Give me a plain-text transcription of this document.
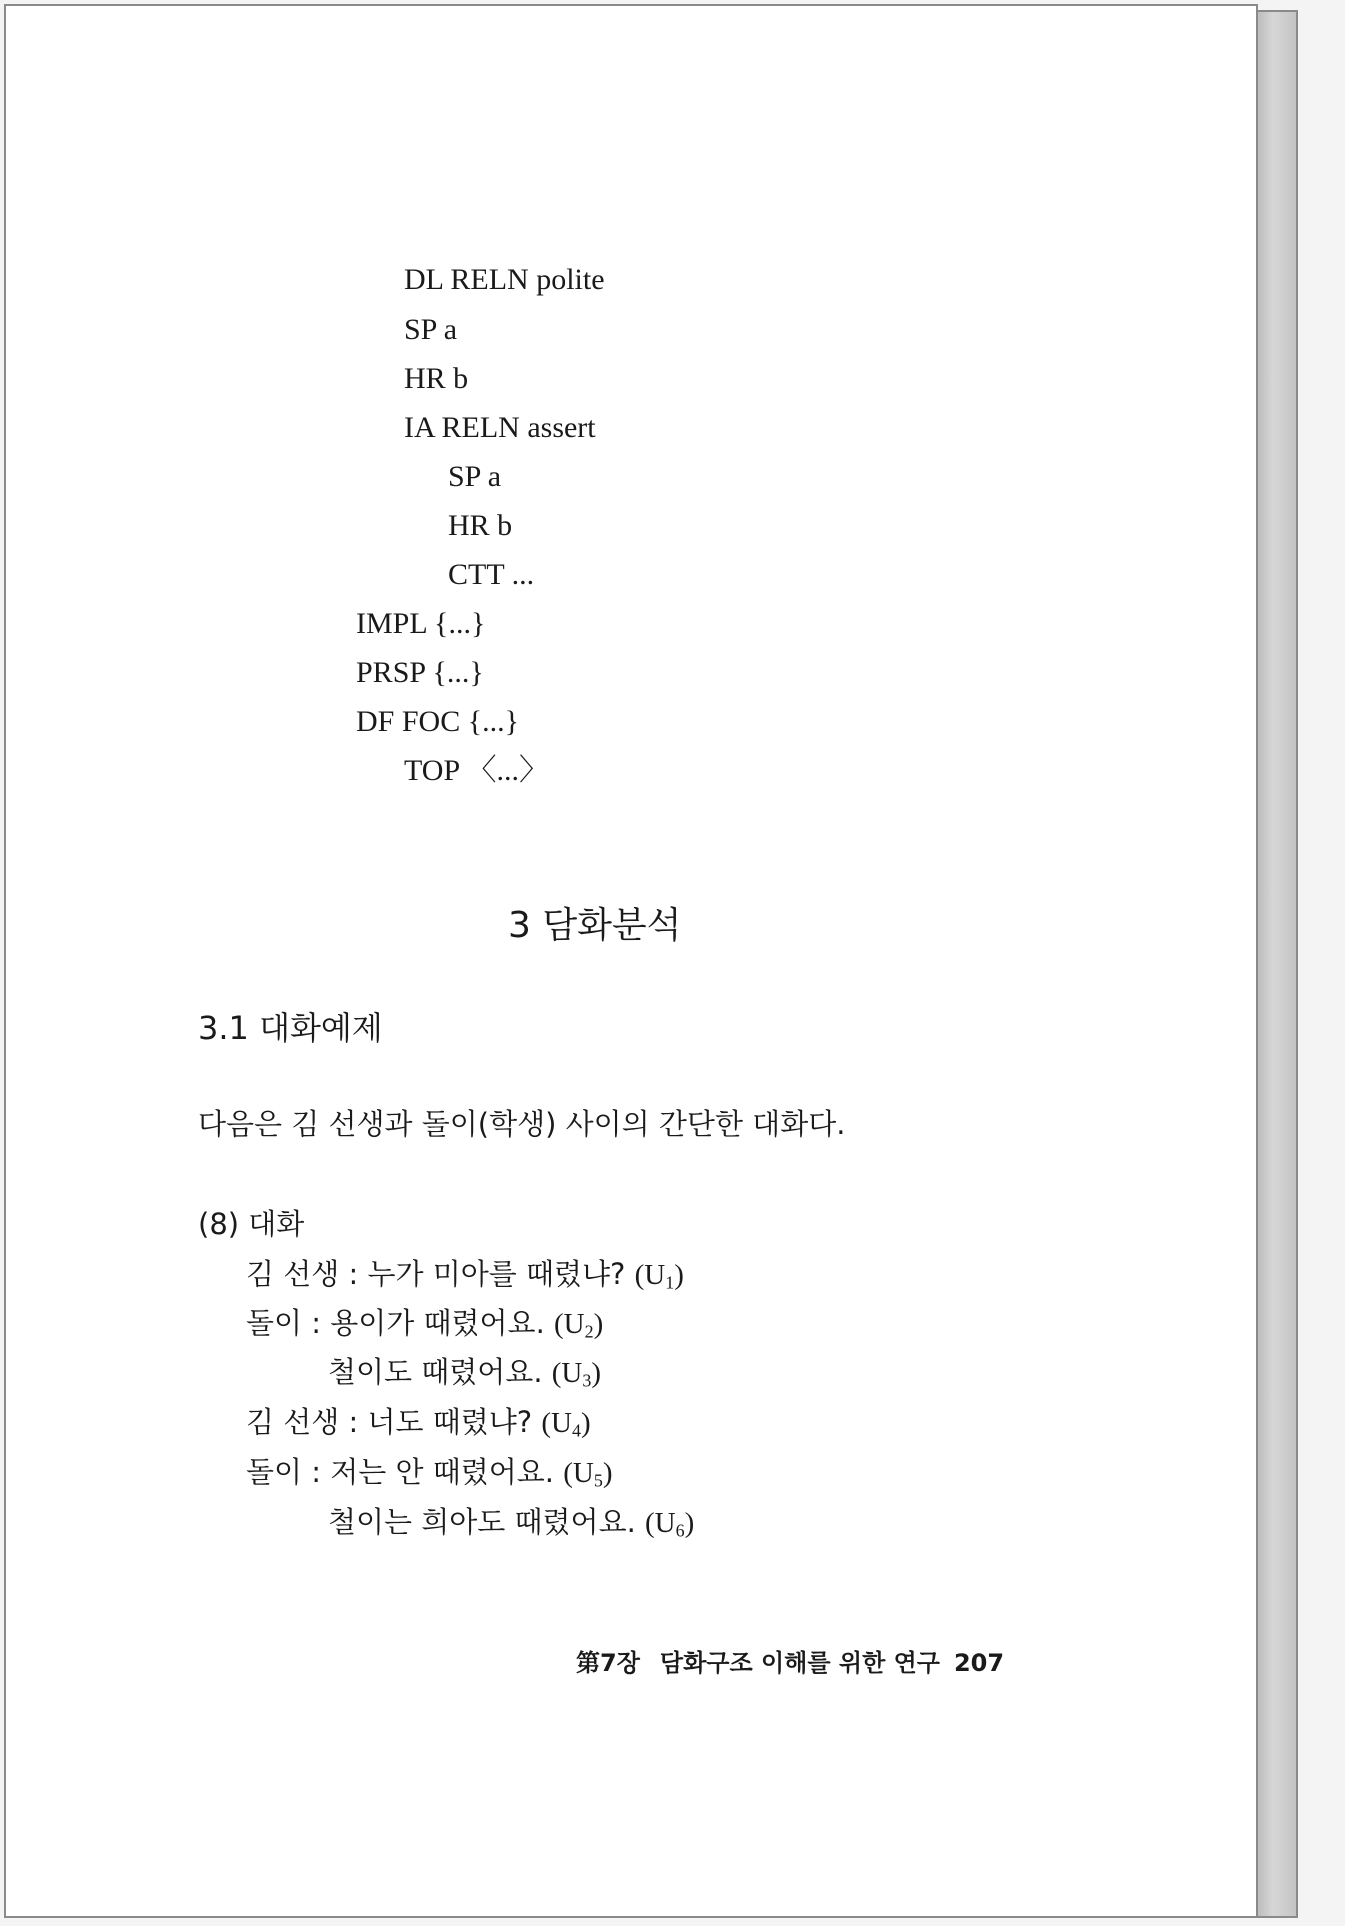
DL RELN polite
SP a
HR b
IA RELN assert
SP a
HR b
CTT ...
IMPL {...}
PRSP {...}
DF FOC {...}
TOP 〈...〉
3 담화분석
3.1 대화예제
다음은 김 선생과 돌이(학생) 사이의 간단한 대화다.
(8) 대화
김 선생 : 누가 미아를 때렸냐? $(U_1)$
돌이 : 용이가 때렸어요. $(U_2)$
철이도 때렸어요. $(U_3)$
김 선생 : 너도 때렸냐? $(U_4)$
돌이 : 저는 안 때렸어요. $(U_5)$
철이는 희아도 때렸어요. $(U_6)$
第7장 담화구조 이해를 위한 연구 207
